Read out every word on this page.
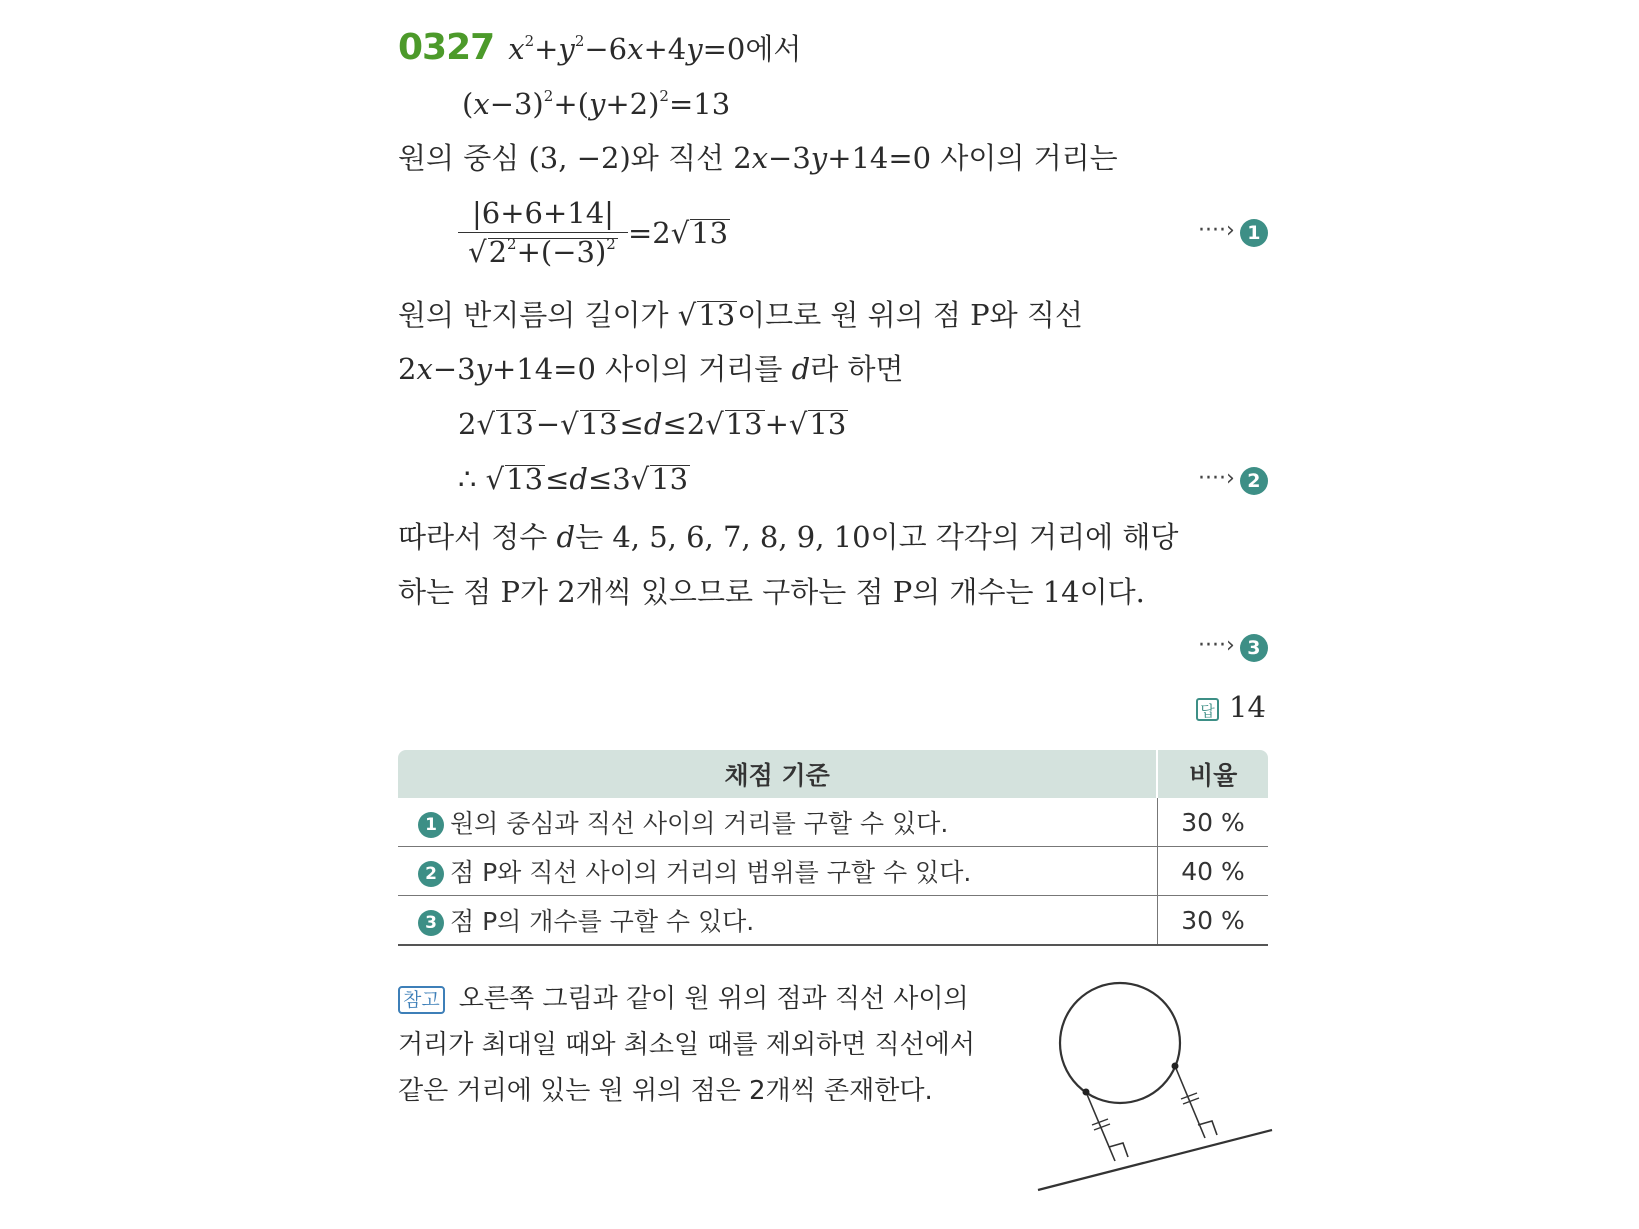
0327 $x^2+y^2-6x+4y=0$에서
$(x-3)^2+(y+2)^2=13$
원의 중심 (3, −2)와 직선 2x−3y+14=0 사이의 거리는
$\frac{|6+6+14|}{√2^2+(-3)^2} =2√13$	····› 1
원의 반지름의 길이가 √13이므로 원 위의 점 P와 직선
2x−3y+14=0 사이의 거리를 d라 하면
2√13−√13≤d≤2√13+√13
∴ √13≤d≤3√13	····› 2
따라서 정수 d는 4, 5, 6, 7, 8, 9, 10이고 각각의 거리에 해당
하는 점 P가 2개씩 있으므로 구하는 점 P의 개수는 14이다.
····› 3
답 14
채점 기준	비율
1 원의 중심과 직선 사이의 거리를 구할 수 있다.	30 %
2 점 P와 직선 사이의 거리의 범위를 구할 수 있다.	40 %
3 점 P의 개수를 구할 수 있다.	30 %
참고 오른쪽 그림과 같이 원 위의 점과 직선 사이의
거리가 최대일 때와 최소일 때를 제외하면 직선에서
같은 거리에 있는 원 위의 점은 2개씩 존재한다.
